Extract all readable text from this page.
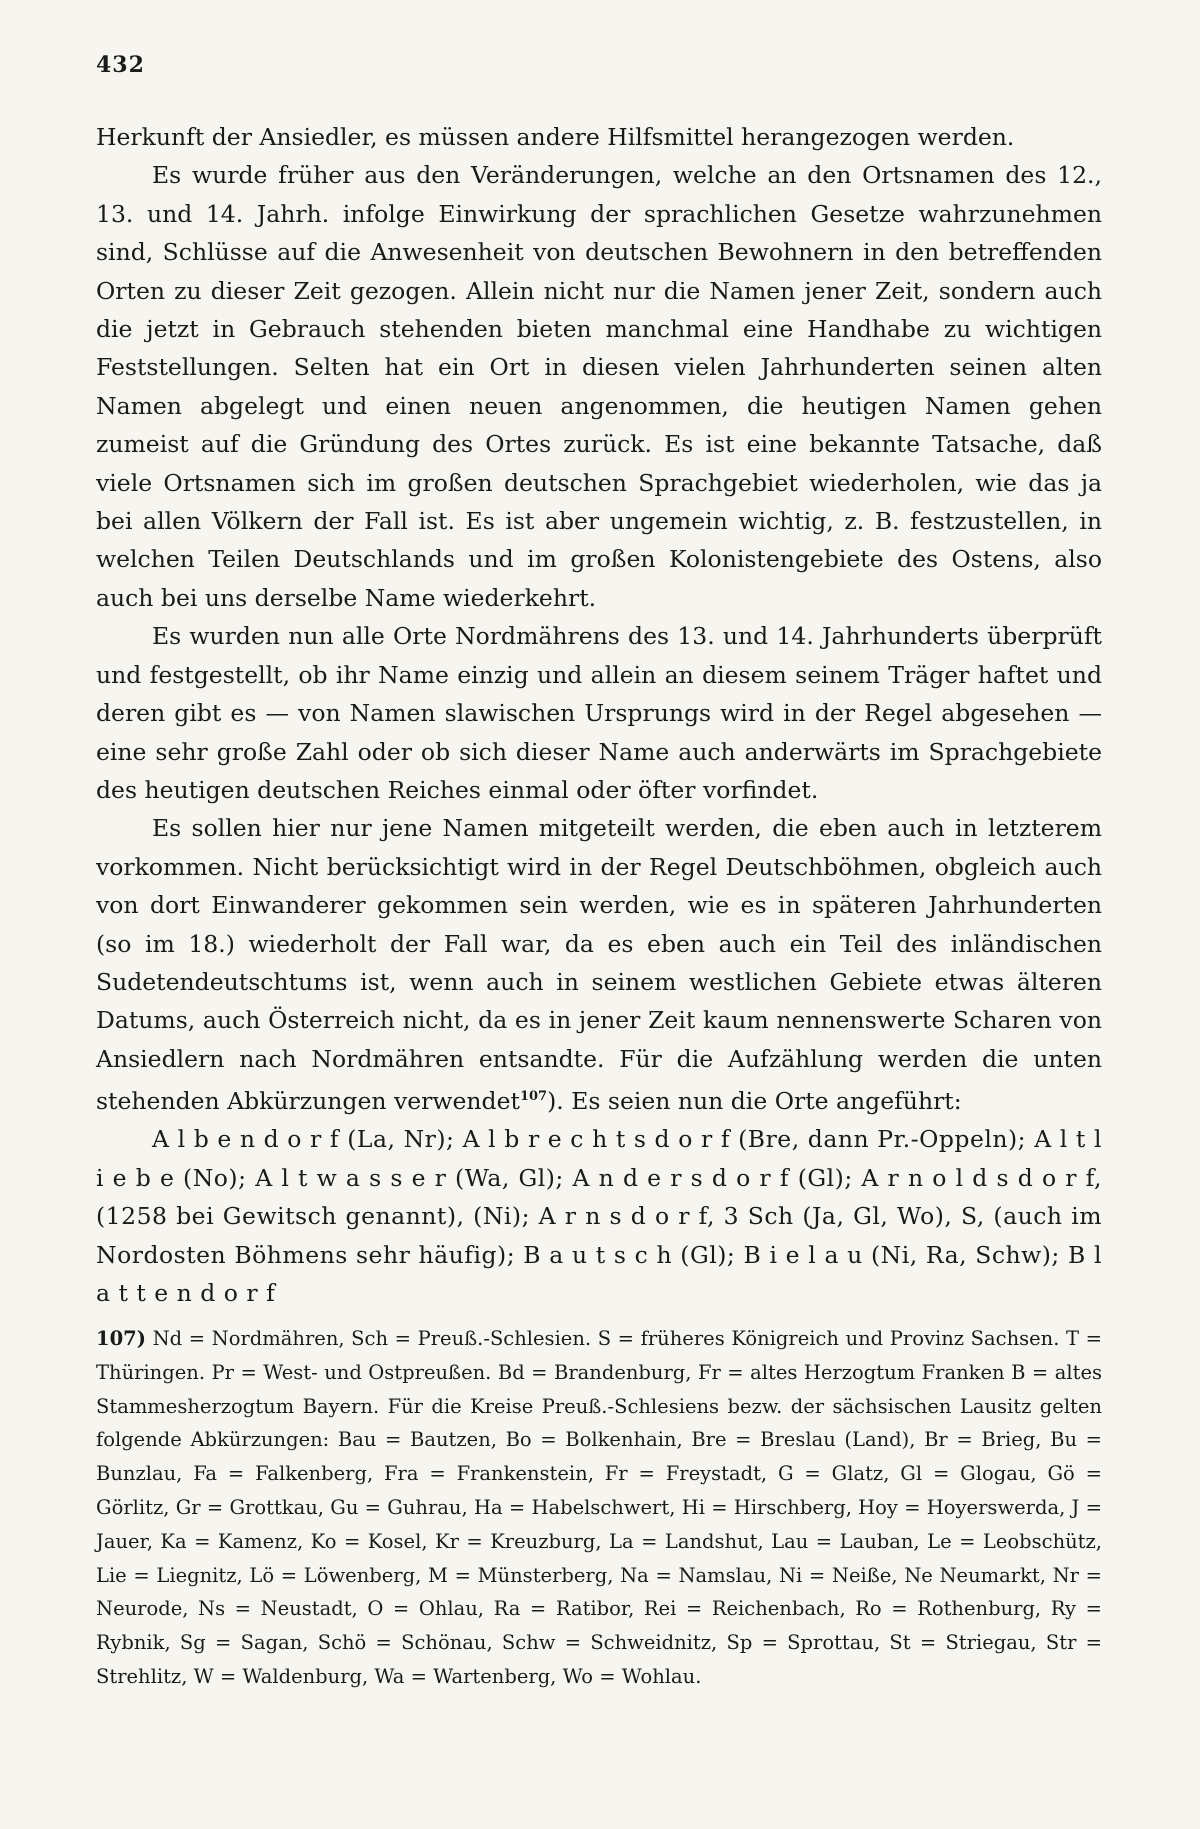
432

Herkunft der Ansiedler, es müssen andere Hilfsmittel herangezogen werden.

Es wurde früher aus den Veränderungen, welche an den Ortsnamen des 12., 13. und 14. Jahrh. infolge Einwirkung der sprachlichen Gesetze wahrzunehmen sind, Schlüsse auf die Anwesenheit von deutschen Bewohnern in den betreffenden Orten zu dieser Zeit gezogen. Allein nicht nur die Namen jener Zeit, sondern auch die jetzt in Gebrauch stehenden bieten manchmal eine Handhabe zu wichtigen Feststellungen. Selten hat ein Ort in diesen vielen Jahrhunderten seinen alten Namen abgelegt und einen neuen angenommen, die heutigen Namen gehen zumeist auf die Gründung des Ortes zurück. Es ist eine bekannte Tatsache, daß viele Ortsnamen sich im großen deutschen Sprachgebiet wiederholen, wie das ja bei allen Völkern der Fall ist. Es ist aber ungemein wichtig, z. B. festzustellen, in welchen Teilen Deutschlands und im großen Kolonistengebiete des Ostens, also auch bei uns derselbe Name wiederkehrt.

Es wurden nun alle Orte Nordmährens des 13. und 14. Jahrhunderts überprüft und festgestellt, ob ihr Name einzig und allein an diesem seinem Träger haftet und deren gibt es — von Namen slawischen Ursprungs wird in der Regel abgesehen — eine sehr große Zahl oder ob sich dieser Name auch anderwärts im Sprachgebiete des heutigen deutschen Reiches einmal oder öfter vorfindet.

Es sollen hier nur jene Namen mitgeteilt werden, die eben auch in letzterem vorkommen. Nicht berücksichtigt wird in der Regel Deutschböhmen, obgleich auch von dort Einwanderer gekommen sein werden, wie es in späteren Jahrhunderten (so im 18.) wiederholt der Fall war, da es eben auch ein Teil des inländischen Sudetendeutschtums ist, wenn auch in seinem westlichen Gebiete etwas älteren Datums, auch Österreich nicht, da es in jener Zeit kaum nennenswerte Scharen von Ansiedlern nach Nordmähren entsandte. Für die Aufzählung werden die unten stehenden Abkürzungen verwendet$^{107}$). Es seien nun die Orte angeführt:

A l b e n d o r f (La, Nr); A l b r e c h t s d o r f (Bre, dann Pr.-Oppeln); A l t l i e b e (No); A l t w a s s e r (Wa, Gl); A n d e r s d o r f (Gl); A r n o l d s d o r f, (1258 bei Gewitsch genannt), (Ni); A r n s d o r f, 3 Sch (Ja, Gl, Wo), S, (auch im Nordosten Böhmens sehr häufig); B a u t s c h (Gl); B i e l a u (Ni, Ra, Schw); B l a t t e n d o r f

107) Nd = Nordmähren, Sch = Preuß.-Schlesien. S = früheres Königreich und Provinz Sachsen. T = Thüringen. Pr = West- und Ostpreußen. Bd = Brandenburg, Fr = altes Herzogtum Franken B = altes Stammesherzogtum Bayern. Für die Kreise Preuß.-Schlesiens bezw. der sächsischen Lausitz gelten folgende Abkürzungen: Bau = Bautzen, Bo = Bolkenhain, Bre = Breslau (Land), Br = Brieg, Bu = Bunzlau, Fa = Falkenberg, Fra = Frankenstein, Fr = Freystadt, G = Glatz, Gl = Glogau, Gö = Görlitz, Gr = Grottkau, Gu = Guhrau, Ha = Habelschwert, Hi = Hirschberg, Hoy = Hoyerswerda, J = Jauer, Ka = Kamenz, Ko = Kosel, Kr = Kreuzburg, La = Landshut, Lau = Lauban, Le = Leobschütz, Lie = Liegnitz, Lö = Löwenberg, M = Münsterberg, Na = Namslau, Ni = Neiße, Ne Neumarkt, Nr = Neurode, Ns = Neustadt, O = Ohlau, Ra = Ratibor, Rei = Reichenbach, Ro = Rothenburg, Ry = Rybnik, Sg = Sagan, Schö = Schönau, Schw = Schweidnitz, Sp = Sprottau, St = Striegau, Str = Strehlitz, W = Waldenburg, Wa = Wartenberg, Wo = Wohlau.
